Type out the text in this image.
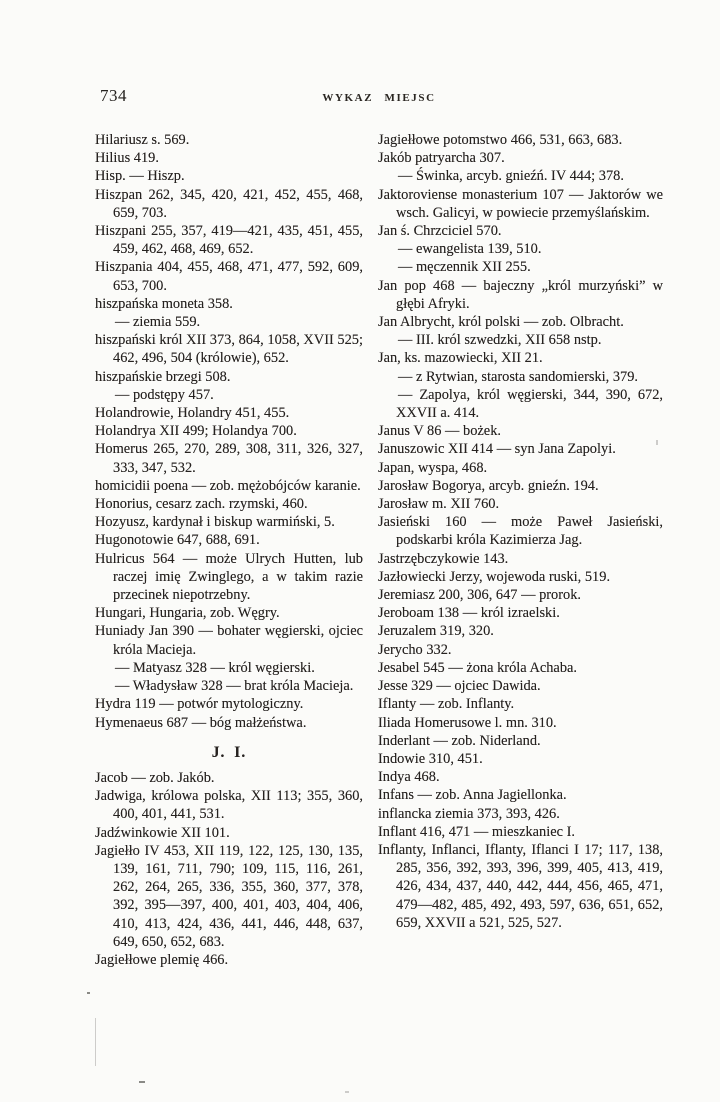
734	WYKAZ MIEJSC
Hilariusz s. 569.
Hilius 419.
Hisp. — Hiszp.
Hiszpan 262, 345, 420, 421, 452, 455, 468, 659, 703.
Hiszpani 255, 357, 419—421, 435, 451, 455, 459, 462, 468, 469, 652.
Hiszpania 404, 455, 468, 471, 477, 592, 609, 653, 700.
hiszpańska moneta 358.
— ziemia 559.
hiszpański król XII 373, 864, 1058, XVII 525; 462, 496, 504 (królowie), 652.
hiszpańskie brzegi 508.
— podstępy 457.
Holandrowie, Holandry 451, 455.
Holandrya XII 499; Holandya 700.
Homerus 265, 270, 289, 308, 311, 326, 327, 333, 347, 532.
homicidii poena — zob. mężobójców karanie.
Honorius, cesarz zach. rzymski, 460.
Hozyusz, kardynał i biskup warmiński, 5.
Hugonotowie 647, 688, 691.
Hulricus 564 — może Ulrych Hutten, lub raczej imię Zwinglego, a w takim razie przecinek niepotrzebny.
Hungari, Hungaria, zob. Węgry.
Huniady Jan 390 — bohater węgierski, ojciec króla Macieja.
— Matyasz 328 — król węgierski.
— Władysław 328 — brat króla Macieja.
Hydra 119 — potwór mytologiczny.
Hymenaeus 687 — bóg małżeństwa.
J. I.
Jacob — zob. Jakób.
Jadwiga, królowa polska, XII 113; 355, 360, 400, 401, 441, 531.
Jadźwinkowie XII 101.
Jagiełło IV 453, XII 119, 122, 125, 130, 135, 139, 161, 711, 790; 109, 115, 116, 261, 262, 264, 265, 336, 355, 360, 377, 378, 392, 395—397, 400, 401, 403, 404, 406, 410, 413, 424, 436, 441, 446, 448, 637, 649, 650, 652, 683.
Jagiełłowe plemię 466.
Jagiełłowe potomstwo 466, 531, 663, 683.
Jakób patryarcha 307.
— Świnka, arcyb. gnieźń. IV 444; 378.
Jaktoroviense monasterium 107 — Jaktorów we wsch. Galicyi, w powiecie przemyślańskim.
Jan ś. Chrzciciel 570.
— ewangelista 139, 510.
— męczennik XII 255.
Jan pop 468 — bajeczny „król murzyński” w głębi Afryki.
Jan Albrycht, król polski — zob. Olbracht.
— III. król szwedzki, XII 658 nstp.
Jan, ks. mazowiecki, XII 21.
— z Rytwian, starosta sandomierski, 379.
— Zapolya, król węgierski, 344, 390, 672, XXVII a. 414.
Janus V 86 — bożek.
Januszowic XII 414 — syn Jana Zapolyi.
Japan, wyspa, 468.
Jarosław Bogorya, arcyb. gnieźn. 194.
Jarosław m. XII 760.
Jasieński 160 — może Paweł Jasieński, podskarbi króla Kazimierza Jag.
Jastrzębczykowie 143.
Jazłowiecki Jerzy, wojewoda ruski, 519.
Jeremiasz 200, 306, 647 — prorok.
Jeroboam 138 — król izraelski.
Jeruzalem 319, 320.
Jerycho 332.
Jesabel 545 — żona króla Achaba.
Jesse 329 — ojciec Dawida.
Iflanty — zob. Inflanty.
Iliada Homerusowe l. mn. 310.
Inderlant — zob. Niderland.
Indowie 310, 451.
Indya 468.
Infans — zob. Anna Jagiellonka.
inflancka ziemia 373, 393, 426.
Inflant 416, 471 — mieszkaniec I.
Inflanty, Inflanci, Iflanty, Iflanci I 17; 117, 138, 285, 356, 392, 393, 396, 399, 405, 413, 419, 426, 434, 437, 440, 442, 444, 456, 465, 471, 479—482, 485, 492, 493, 597, 636, 651, 652, 659, XXVII a 521, 525, 527.
